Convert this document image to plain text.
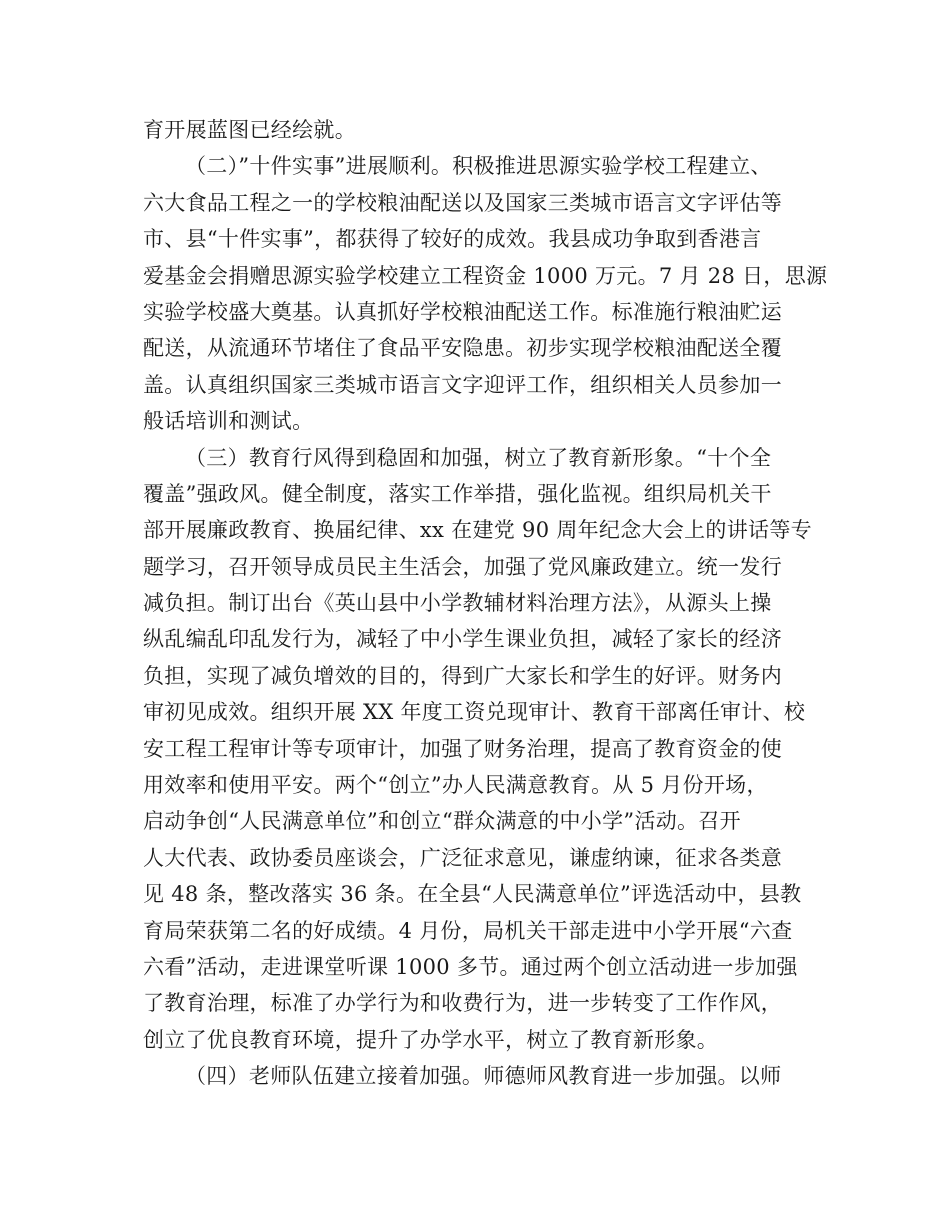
育开展蓝图已经绘就。
（二）”十件实事”进展顺利。积极推进思源实验学校工程建立、
六大食品工程之一的学校粮油配送以及国家三类城市语言文字评估等
市、县“十件实事”，都获得了较好的成效。我县成功争取到香港言
爱基金会捐赠思源实验学校建立工程资金 1000 万元。7 月 28 日，思源
实验学校盛大奠基。认真抓好学校粮油配送工作。标准施行粮油贮运
配送，从流通环节堵住了食品平安隐患。初步实现学校粮油配送全覆
盖。认真组织国家三类城市语言文字迎评工作，组织相关人员参加一
般话培训和测试。
（三）教育行风得到稳固和加强，树立了教育新形象。“十个全
覆盖”强政风。健全制度，落实工作举措，强化监视。组织局机关干
部开展廉政教育、换届纪律、xx 在建党 90 周年纪念大会上的讲话等专
题学习，召开领导成员民主生活会，加强了党风廉政建立。统一发行
减负担。制订出台《英山县中小学教辅材料治理方法》，从源头上操
纵乱编乱印乱发行为，减轻了中小学生课业负担，减轻了家长的经济
负担，实现了减负增效的目的，得到广大家长和学生的好评。财务内
审初见成效。组织开展 XX 年度工资兑现审计、教育干部离任审计、校
安工程工程审计等专项审计，加强了财务治理，提高了教育资金的使
用效率和使用平安。两个“创立”办人民满意教育。从 5 月份开场，
启动争创“人民满意单位”和创立“群众满意的中小学”活动。召开
人大代表、政协委员座谈会，广泛征求意见，谦虚纳谏，征求各类意
见 48 条，整改落实 36 条。在全县“人民满意单位”评选活动中，县教
育局荣获第二名的好成绩。4 月份，局机关干部走进中小学开展“六查
六看”活动，走进课堂听课 1000 多节。通过两个创立活动进一步加强
了教育治理，标准了办学行为和收费行为，进一步转变了工作作风，
创立了优良教育环境，提升了办学水平，树立了教育新形象。
（四）老师队伍建立接着加强。师德师风教育进一步加强。以师
